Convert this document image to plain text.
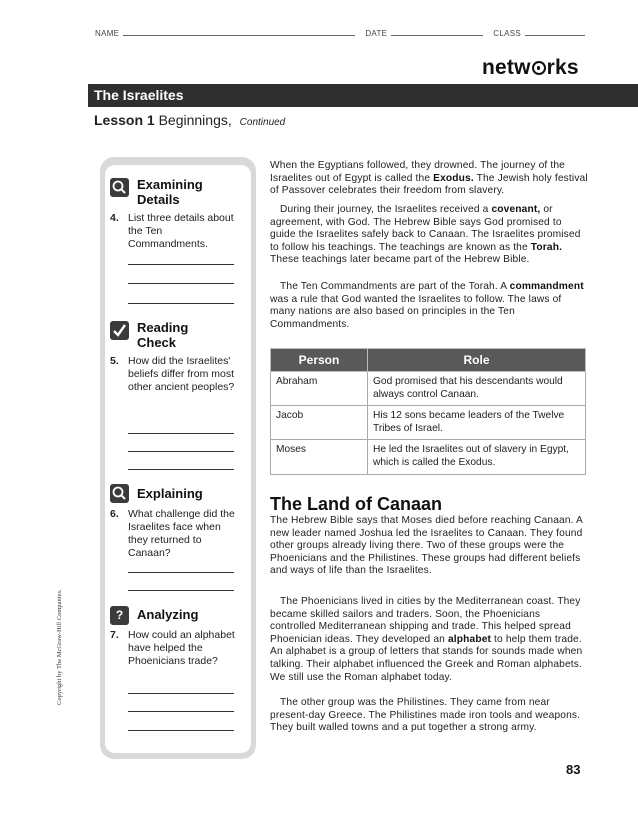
NAME	DATE	CLASS
netw rks
The Israelites
Lesson 1 Beginnings, Continued
Copyright by The McGraw-Hill Companies.
Examining
Details
4. List three details about the Ten Commandments.
Reading
Check
5. How did the Israelites' beliefs differ from most other ancient peoples?
Explaining
6. What challenge did the Israelites face when they returned to Canaan?
?	Analyzing
7. How could an alphabet have helped the Phoenicians trade?
When the Egyptians followed, they drowned. The journey of the Israelites out of Egypt is called the Exodus. The Jewish holy festival of Passover celebrates their freedom from slavery.
During their journey, the Israelites received a covenant, or agreement, with God. The Hebrew Bible says God promised to guide the Israelites safely back to Canaan. The Israelites promised to follow his teachings. The teachings are known as the Torah. These teachings later became part of the Hebrew Bible.
The Ten Commandments are part of the Torah. A commandment was a rule that God wanted the Israelites to follow. The laws of many nations are also based on principles in the Ten Commandments.
Person	Role
Abraham	God promised that his descendants would always control Canaan.
Jacob	His 12 sons became leaders of the Twelve Tribes of Israel.
Moses	He led the Israelites out of slavery in Egypt, which is called the Exodus.
The Land of Canaan
The Hebrew Bible says that Moses died before reaching Canaan. A new leader named Joshua led the Israelites to Canaan. They found other groups already living there. Two of these groups were the Phoenicians and the Philistines. These groups had different beliefs and ways of life than the Israelites.
The Phoenicians lived in cities by the Mediterranean coast. They became skilled sailors and traders. Soon, the Phoenicians controlled Mediterranean shipping and trade. This helped spread Phoenician ideas. They developed an alphabet to help them trade. An alphabet is a group of letters that stands for sounds made when talking. Their alphabet influenced the Greek and Roman alphabets. We still use the Roman alphabet today.
The other group was the Philistines. They came from near present-day Greece. The Philistines made iron tools and weapons. They built walled towns and a put together a strong army.
83
